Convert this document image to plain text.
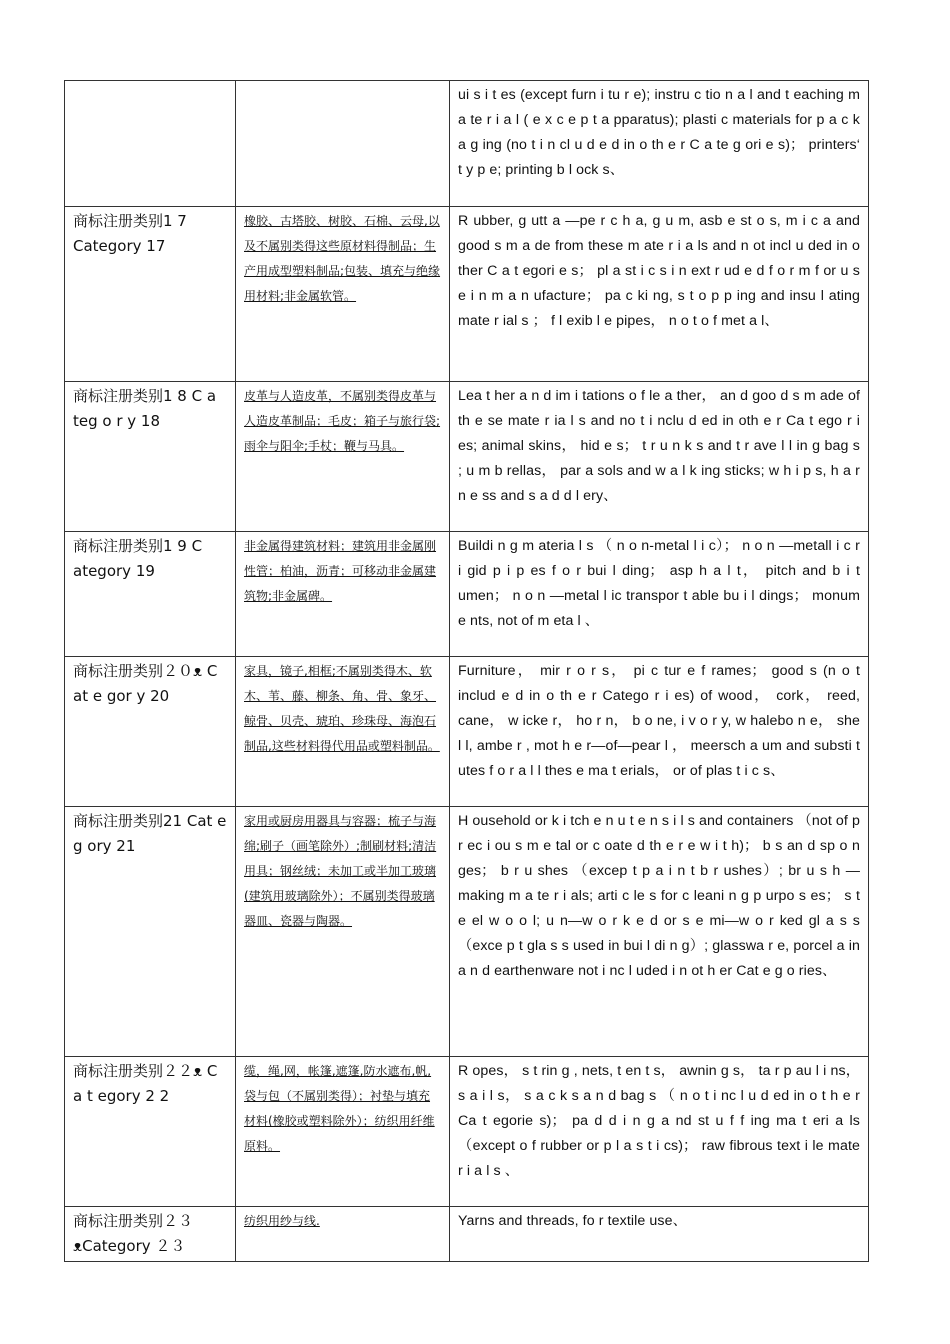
		ui s i t es (except furn i tu r e); instru c tio n a l and t eaching m a te r i a l ( e x c e p t a pparatus); plasti c materials for p a c k a g ing (no t i n cl u d e d in o th e r C a te g ori e s)； printers‘ t y p e; printing b l ock s、
商标注册类别1 7 Category 17	橡胶、古塔胶、树胶、石棉、云母,以及不属别类得这些原材料得制品；生产用成型塑料制品;包装、填充与绝缘用材料;非金属软管。	R ubber, g utt a —pe r c h a, g u m, asb e st o s, m i c a and good s m a de from these m ate r i a ls and n ot incl u ded in o ther C a t egori e s； pl a st i c s i n ext r ud e d f o r m f or u s e i n m a n ufacture； pa c ki ng, s t o p p ing and insu l ating mate r ial s ； f l exib l e pipes， n o t o f met a l、
商标注册类别1 8 C a teg o r y 18	皮革与人造皮革，不属别类得皮革与人造皮革制品；毛皮；箱子与旅行袋;雨伞与阳伞;手杖；鞭与马具。	Lea t her a n d im i tations o f le a ther， an d goo d s m ade of th e se mate r ia l s and no t i nclu d ed in oth e r Ca t ego r i es; animal skins， hid e s； t r u n k s and t r ave l l in g bag s ; u m b rellas， par a sols and w a l k ing sticks; w h i p s, h a r n e ss and s a d d l ery、
商标注册类别1 9 C ategory 19	非金属得建筑材料；建筑用非金属刚性管；柏油，沥青；可移动非金属建筑物;非金属碑。	Buildi n g m ateria l s （ n o n-metal l i c）； n o n —metall i c r i gid p i p es f o r bui l ding； asp h a l t， pitch and b i t umen； n o n —metal l ic transpor t able bu i l dings； monum e nts, not of m eta l 、
商标注册类别２０ᴥ C at e gor y 20	家具，镜子,相框;不属别类得木、软木、苇、藤、柳条、角、骨、象牙、鲸骨、贝壳、琥珀、珍珠母、海泡石制品,这些材料得代用品或塑料制品。	Furniture， mir r o r s， pi c tur e f rames； good s (n o t includ e d in o th e r Catego r i es) of wood， cork， reed, cane， w icke r， ho r n， b o ne, i v o r y, w halebo n e， she l l, ambe r , mot h e r—of—pear l ， meersch a um and substi t utes f o r a l l thes e ma t erials， or of plas t i c s、
商标注册类别21 Cat e g ory 21	家用或厨房用器具与容器；梳子与海绵;刷子（画笔除外）;制刷材料;清洁用具；钢丝绒；未加工或半加工玻璃(建筑用玻璃除外）；不属别类得玻璃器皿、瓷器与陶器。	H ousehold or k i tch e n u t e n s i l s and containers （not of p r ec i ou s m e tal or c oate d th e r e w i t h)； b s an d sp o n ges； b r u shes （excep t p a i n t b r ushes）; br u s h — making m a te r i als; arti c le s for c leani n g p urpo s es； s t e el w o o l; u n—w o r k e d or s e mi—w o r ked gl a s s （exce p t gla s s used in bui l di n g）; glasswa r e, porcel a in a n d earthenware not i nc l uded i n ot h er Cat e g o ries、
商标注册类别２２ᴥ C a t egory 2 2	缆，绳,网，帐篷,遮篷,防水遮布,帆,袋与包（不属别类得）；衬垫与填充材料(橡胶或塑料除外）；纺织用纤维原料。	R opes， s t rin g , nets, t en t s， awnin g s， ta r p au l i ns， s a i l s， s a c k s a n d bag s （ n o t i nc l u d ed in o t h e r Ca t egorie s)； pa d d i n g a nd st u f f ing ma t eri a ls （except o f rubber or p l a s t i cs)； raw fibrous text i le mate r i a l s 、
商标注册类别２３ ᴥCategory ２３	纺织用纱与线.	Yarns and threads, fo r textile use、
